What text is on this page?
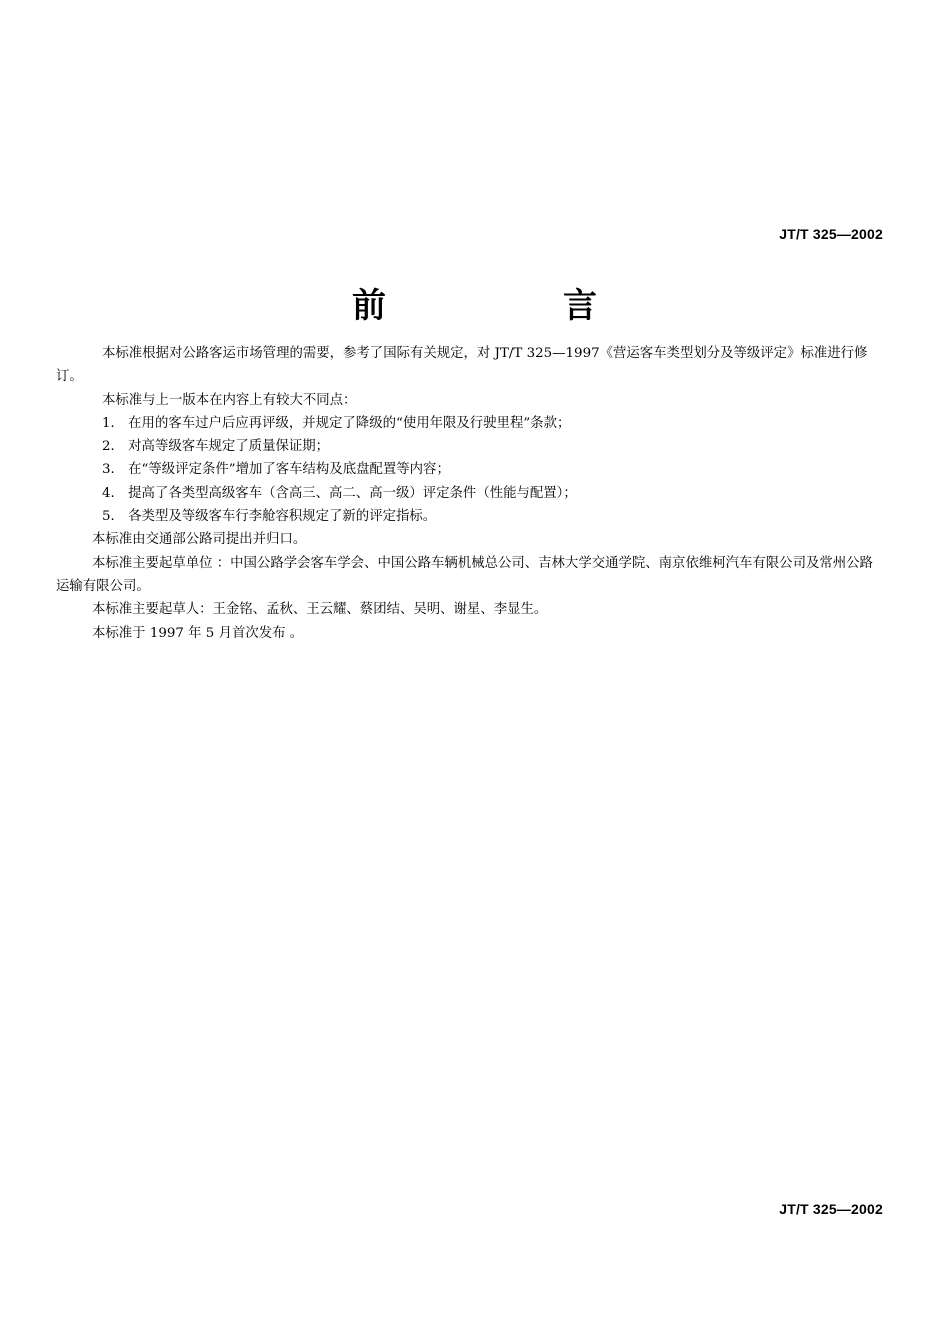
JT/T 325—2002
前	言

本标准根据对公路客运市场管理的需要，参考了国际有关规定，对 JT/T 325—1997《营运客车类型划分及等级评定》标准进行修订。

本标准与上一版本在内容上有较大不同点：

1． 在用的客车过户后应再评级，并规定了降级的“使用年限及行驶里程”条款；

2． 对高等级客车规定了质量保证期；

3． 在“等级评定条件”增加了客车结构及底盘配置等内容；

4． 提高了各类型高级客车（含高三、高二、高一级）评定条件（性能与配置）；

5． 各类型及等级客车行李舱容积规定了新的评定指标。

本标准由交通部公路司提出并归口。

本标准主要起草单位 ：中国公路学会客车学会、中国公路车辆机械总公司、吉林大学交通学院、南京依维柯汽车有限公司及常州公路运输有限公司。

本标准主要起草人：王金铭、孟秋、王云耀、蔡团结、吴明、谢星、李显生。

本标准于 1997 年 5 月首次发布 。

JT/T 325—2002
